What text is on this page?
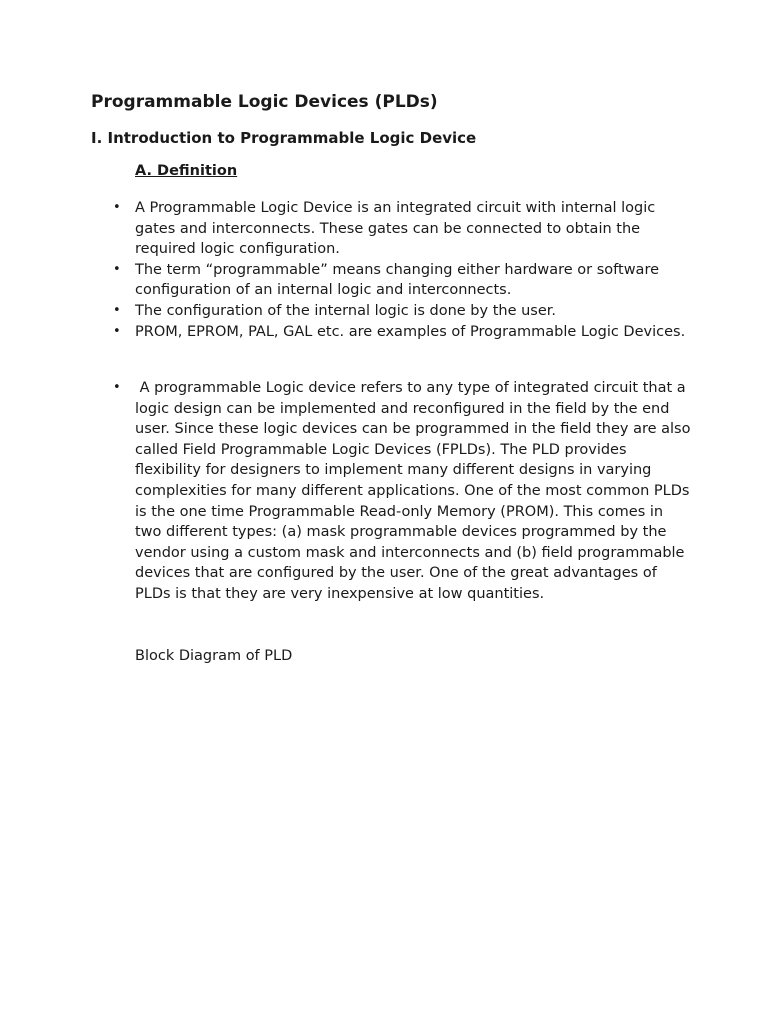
Programmable Logic Devices (PLDs)
I. Introduction to Programmable Logic Device
A. Definition
• A Programmable Logic Device is an integrated circuit with internal logic gates and interconnects. These gates can be connected to obtain the required logic configuration.
• The term “programmable” means changing either hardware or software configuration of an internal logic and interconnects.
• The configuration of the internal logic is done by the user.
• PROM, EPROM, PAL, GAL etc. are examples of Programmable Logic Devices.
• A programmable Logic device refers to any type of integrated circuit that a logic design can be implemented and reconfigured in the field by the end user. Since these logic devices can be programmed in the field they are also called Field Programmable Logic Devices (FPLDs). The PLD provides flexibility for designers to implement many different designs in varying complexities for many different applications. One of the most common PLDs is the one time Programmable Read-only Memory (PROM). This comes in two different types: (a) mask programmable devices programmed by the vendor using a custom mask and interconnects and (b) field programmable devices that are configured by the user. One of the great advantages of PLDs is that they are very inexpensive at low quantities.

Block Diagram of PLD
